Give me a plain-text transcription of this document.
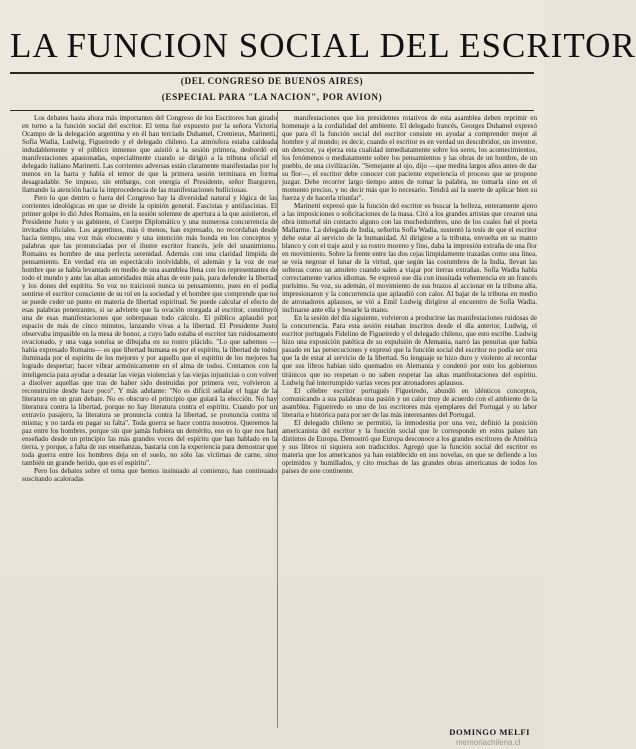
LA FUNCION SOCIAL DEL ESCRITOR
(DEL CONGRESO DE BUENOS AIRES)
(ESPECIAL PARA "LA NACION", POR AVION)

Los debates hasta ahora más importantes del Congreso de los Escritores han girado en torno a la función social del escritor. El tema fué expuesto por la señora Victoria Ocampo de la delegación argentina y en él han terciado Duhamel, Cremieux, Marinetti, Sofía Wadia, Ludwig, Figueiredo y el delegado chileno. La atmósfera estaba caldeada indudablemente y el público inmenso que asistió a la sesión primera, desbordó en manifestaciones apasionadas, especialmente cuando se dirigió a la tribuna oficial el delegado italiano Marinetti. Las corrientes adversas están claramente manifestadas por lo menos en la barra y había el temor de que la primera sesión terminara en forma desagradable. Se impuso, sin embargo, con energía el Presidente, señor Ibarguren, llamando la atención hacia la improcedencia de las manifestaciones bulliciosas.

Pero lo que dentro o fuera del Congreso hay la diversidad natural y lógica de las corrientes ideológicas en que se divide la opinión general. Fascistas y antifascistas. El primer golpe lo dió Jules Romains, en la sesión solemne de apertura a la que asistieron, el Presidente Justo y su gabinete, el Cuerpo Diplomático y una numerosa concurrencia de invitados oficiales. Los argentinos, más ó menos, han expresado, no recordaban desde hacía tiempo, una voz más elocuente y una intención más honda en los conceptos y palabras que las pronunciadas por el ilustre escritor francés, jefe del unanimismo. Romains es hombre de una perfecta serenidad. Además con una claridad limpida de pensamiento. En verdad era un espectáculo inolvidable, el ademán y la voz de ese hombre que se había levantado en medio de una asamblea llena con los representantes de todo el mundo y ante las altas autoridades más altas de este país, para defender la libertad y los dones del espíritu. Su voz no traicionó nunca su pensamiento, pues en el podía sentirse el escritor consciente de su rol en la sociedad y el hombre que comprende que no se puede ceder un punto en materia de libertad espiritual. Se puede calcular el efecto de esas palabras penetrantes, si se advierte que la ovación otorgada al escritor, constituyó una de esas manifestaciones que sobrepasan todo cálculo. El público aplaudió por espacio de más de cinco minutos, lanzando vivas a la libertad. El Presidente Justo observaba impasible en la mesa de honor, a cuyo lado estaba el escritor tan ruidosamente ovacionado, y una vaga sonrisa se dibujaba en su rostro plácido. "Lo que sabemos —había expresado Romains— es que libertad humana es por el espíritu, la libertad de todos iluminada por el espíritu de los mejores y por aquello que el espíritu de los mejores ha logrado despertar; hacer vibrar armónicamente en el alma de todos. Contamos con la inteligencia para ayudar a desatar las viejas violencias y las viejas injusticias o con volver a disolver aquellas que tras de haber sido destruidas por primera vez, volvieron a reconstruirse desde hace poco". Y más adelante: "No es difícil señalar el lugar de la literatura en un gran debate. No es obscuro el principio que guiará la elección. No hay literatura contra la libertad, porque no hay literatura contra el espíritu. Cuando por un extravío pasajero, la literatura se pronuncia contra la libertad, se pronuncia contra sí misma; y no tarda en pagar su falta". Toda guerra se hace contra nosotros. Queremos la paz entre los hombres, porque sin que jamás hubiera un demérito, eso es lo que nos han enseñado desde un principio las más grandes voces del espíritu que han hablado en la tierra, y porque, a falta de sus enseñanzas, bastaría con la experiencia para demostrar que toda guerra entre los hombres deja en el suelo, no sólo las víctimas de carne, sino también un grande herido, que es el espíritu".

Pero los debates sobre el tema que hemos insinuado al comienzo, han continuado suscitando acaloradas

manifestaciones que los presidentes rotativos de esta asamblea deben reprimir en homenaje a la cordialidad del ambiente. El delegado francés, Georges Duhamel expresó que para él la función social del escritor consiste en ayudar a comprender mejor al hombre y al mundo; es decir, cuando el escritor es en verdad un descubridor, un inventor, un detector, ya ejerza esta cualidad inmediatamente sobre los seres, los acontecimientos, los fenómenos o mediatamente sobre los pensamientos y las obras de un hombre, de un pueblo, de una civilización. "Semejante al ojo, dijo —que medita largos años antes de dar su flor—, el escritor debe conocer con paciente experiencia el proceso que se propone juzgar. Debe recorrer largo tiempo antes de tomar la palabra, no tomarla sino en el momento preciso, y no decir más que lo necesario. Tendrá así la suerte de aplicar bien su fuerza y de hacerla triunfar".

Marinetti expresó que la función del escritor es buscar la belleza, enteramente ajeno a las imposiciones o solicitaciones de la masa. Citó a los grandes artistas que crearon una obra inmortal sin contacto alguno con las muchedumbres, uno de los cuales fué el poeta Mallarme. La delegada de India, señorita Sofía Wadia, sustentó la tesis de que el escritor debe estar al servicio de la humanidad. Al dirigirse a la tribuna, envuelta en su manto blanco y con el traje azul y su rostro moreno y fino, daba la impresión extraña de una flor en movimiento. Sobre la frente entre las dos cejas limpidamente trazadas como una línea, se veía negrear el lunar de la virtud, que según las costumbres de la India, llevan las solteras como un amuleto cuando salen a viajar por tierras extrañas. Sofía Wadia habla correctamente varios idiomas. Se expresó ese día con inusitada vehemencia en un francés purísimo. Su voz, su ademán, el movimiento de sus brazos al accionar en la tribuna alta, impresionaron y la concurrencia que aplaudió con calor. Al bajar de la tribuna en medio de atronadores aplausos, se vió a Emil Ludwig dirigirse al encuentro de Sofía Wadia, inclinarse ante ella y besarle la mano.

En la sesión del día siguiente, volvieron a producirse las manifestaciones ruidosas de la concurrencia. Para esta sesión estaban inscritos desde el día anterior, Ludwig, el escritor portugués Fidelino de Figueiredo y el delegado chileno, que esto escribe. Ludwig hizo una exposición patética de su expulsión de Alemania, narró las penurias que había pasado en las persecuciones y expresó que la función social del escritor no podía ser otra que la de estar al servicio de la libertad. Su lenguaje se hizo duro y violento al recordar que sus libros habían sido quemados en Alemania y condenó por esto los gobiernos tiránicos que no respetan o no saben respetar las altas manifestaciones del espíritu. Ludwig fué interrumpido varias veces por atronadores aplausos.

El célebre escritor portugués Figueiredo, abundó en idénticos conceptos, comunicando a sus palabras una pasión y un calor muy de acuerdo con el ambiente de la asamblea. Figueiredo es uno de los escritores más ejemplares del Portugal y su labor literaria e histórica para por ser de las más interesantes del Portugal.

El delegado chileno se permitió, la inmodestia por una vez, definió la posición americanista del escritor y la función social que le corresponde en estos países tan distintos de Europa. Demostró que Europa desconoce a los grandes escritores de América y sus libros ni siquiera son traducidos. Agregó que la función social del escritor es materia que los americanos ya han establecido en sus novelas, en que se defiende a los oprimidos y humillados, y cito muchas de las grandes obras americanas de todos los países de este continente.

DOMINGO MELFI
memoriachilena.cl
